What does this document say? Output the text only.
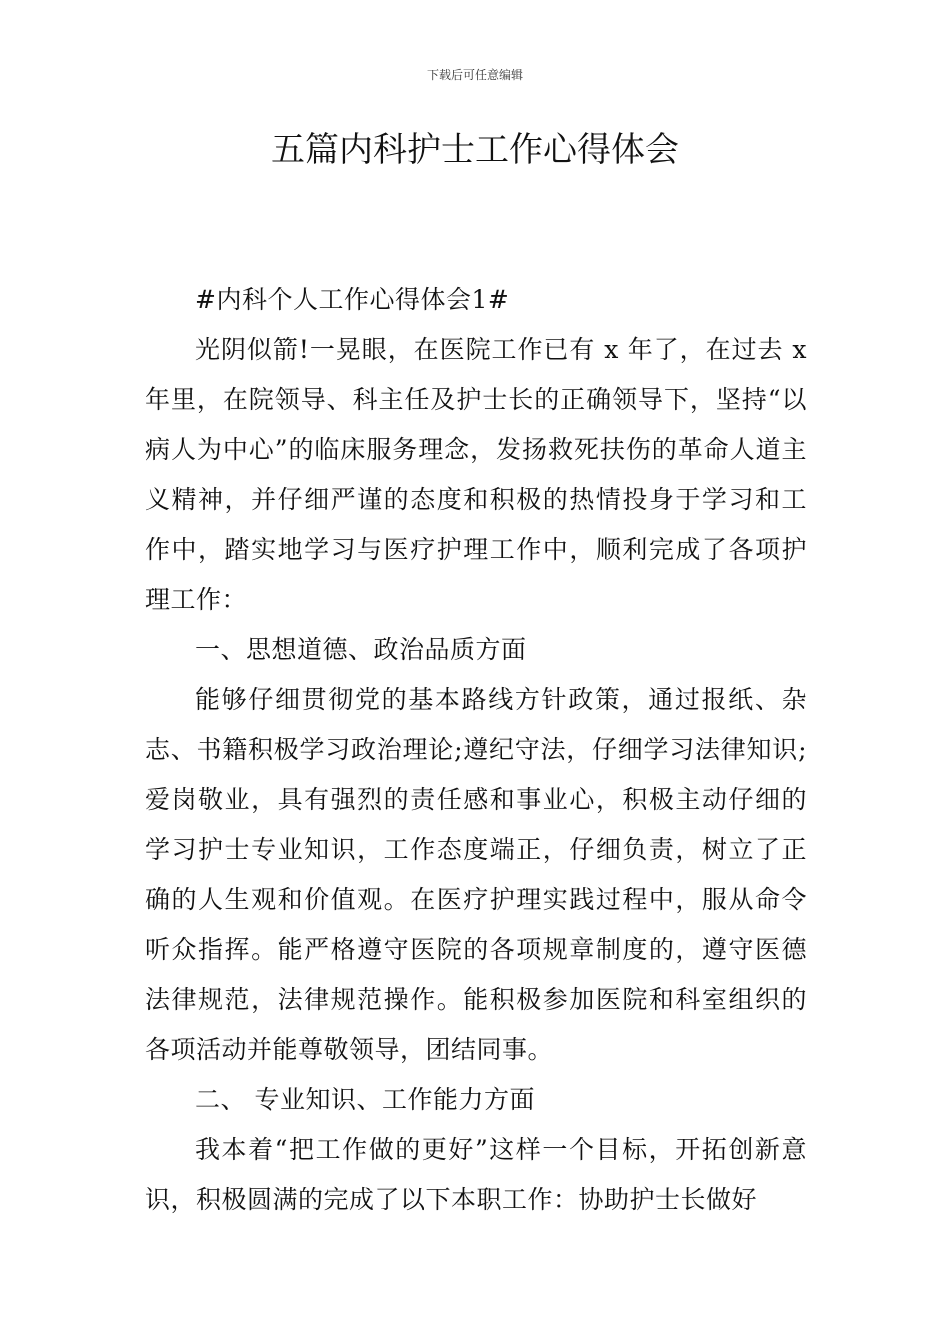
下载后可任意编辑
五篇内科护士工作心得体会

#内科个人工作心得体会1#

光阴似箭!一晃眼，在医院工作已有 x 年了，在过去 x 年里，在院领导、科主任及护士长的正确领导下，坚持“以病人为中心”的临床服务理念，发扬救死扶伤的革命人道主义精神，并仔细严谨的态度和积极的热情投身于学习和工作中，踏实地学习与医疗护理工作中，顺利完成了各项护理工作：

一、思想道德、政治品质方面

能够仔细贯彻党的基本路线方针政策，通过报纸、杂志、书籍积极学习政治理论;遵纪守法，仔细学习法律知识;爱岗敬业，具有强烈的责任感和事业心，积极主动仔细的学习护士专业知识，工作态度端正，仔细负责，树立了正确的人生观和价值观。在医疗护理实践过程中，服从命令听众指挥。能严格遵守医院的各项规章制度的，遵守医德法律规范，法律规范操作。能积极参加医院和科室组织的各项活动并能尊敬领导，团结同事。

二、 专业知识、工作能力方面

我本着“把工作做的更好”这样一个目标，开拓创新意识，积极圆满的完成了以下本职工作：协助护士长做好
